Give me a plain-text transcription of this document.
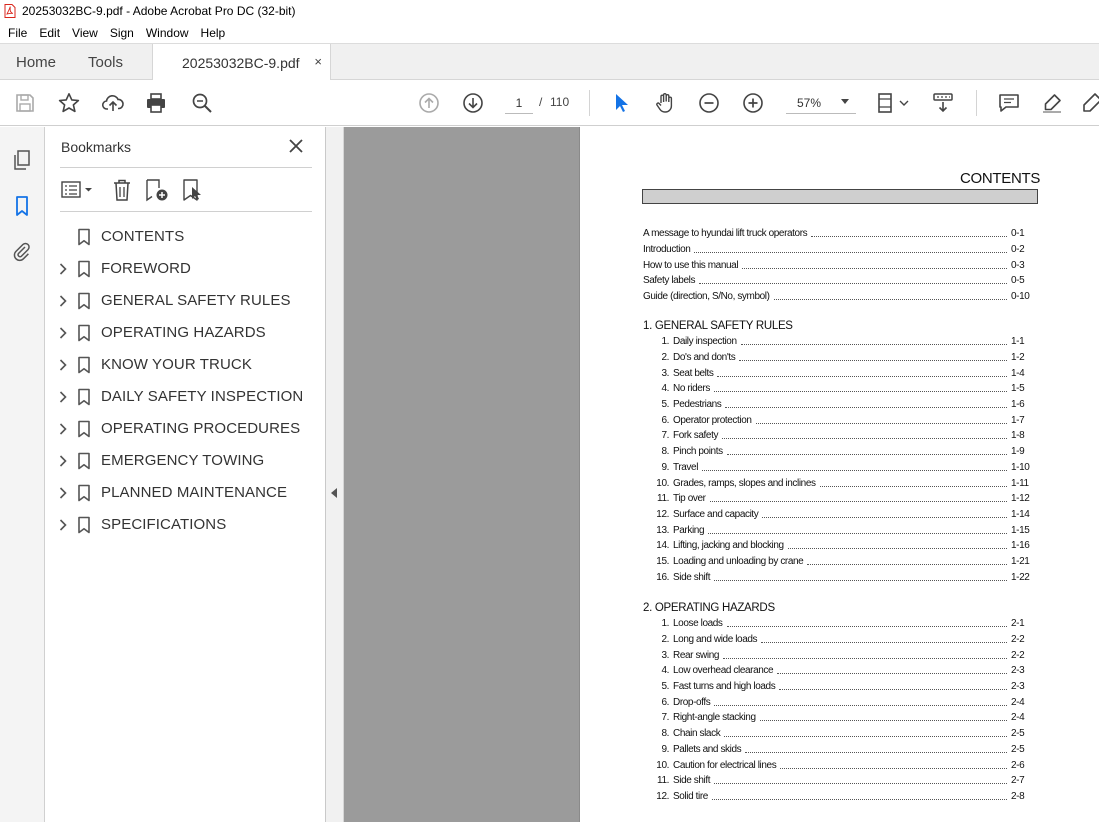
20253032BC-9.pdf - Adobe Acrobat Pro DC (32-bit)
File	Edit	View	Sign	Window	Help
Home Tools	20253032BC-9.pdf ×
1
/ 110	57%
Bookmarks
CONTENTS
FOREWORD
GENERAL SAFETY RULES
OPERATING HAZARDS
KNOW YOUR TRUCK
DAILY SAFETY INSPECTION
OPERATING PROCEDURES
EMERGENCY TOWING
PLANNED MAINTENANCE
SPECIFICATIONS
CONTENTS
A message to hyundai lift truck operators	0-1
Introduction	0-2
How to use this manual	0-3
Safety labels	0-5
Guide (direction, S/No, symbol)	0-10
1. GENERAL SAFETY RULES
1. Daily inspection	1-1
2. Do's and don'ts	1-2
3. Seat belts	1-4
4. No riders	1-5
5. Pedestrians	1-6
6. Operator protection	1-7
7. Fork safety	1-8
8. Pinch points	1-9
9. Travel	1-10
10. Grades, ramps, slopes and inclines	1-11
11. Tip over	1-12
12. Surface and capacity	1-14
13. Parking	1-15
14. Lifting, jacking and blocking	1-16
15. Loading and unloading by crane	1-21
16. Side shift	1-22
2. OPERATING HAZARDS
1. Loose loads	2-1
2. Long and wide loads	2-2
3. Rear swing	2-2
4. Low overhead clearance	2-3
5. Fast turns and high loads	2-3
6. Drop-offs	2-4
7. Right-angle stacking	2-4
8. Chain slack	2-5
9. Pallets and skids	2-5
10. Caution for electrical lines	2-6
11. Side shift	2-7
12. Solid tire	2-8
